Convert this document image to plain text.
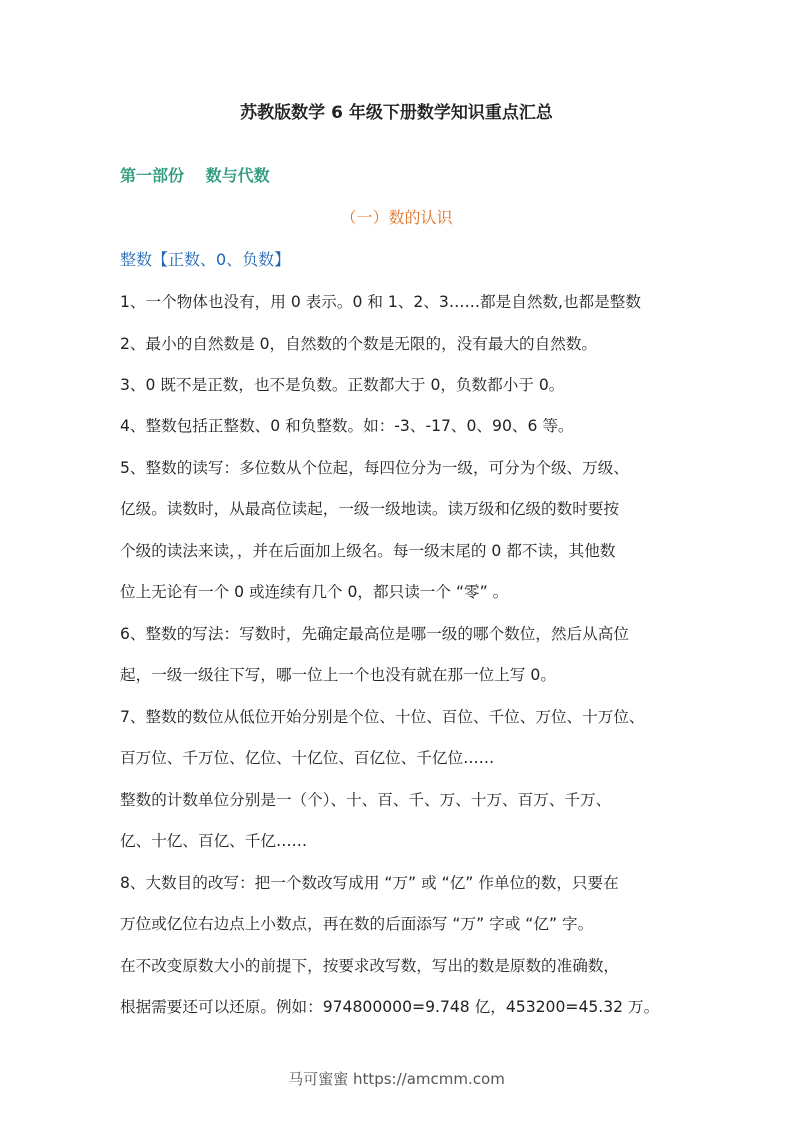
苏教版数学 6 年级下册数学知识重点汇总
第一部份　 数与代数
（一）数的认识
整数【正数、0、负数】
1、一个物体也没有，用 0 表示。0 和 1、2、3……都是自然数,也都是整数
2、最小的自然数是 0，自然数的个数是无限的，没有最大的自然数。
3、0 既不是正数，也不是负数。正数都大于 0，负数都小于 0。
4、整数包括正整数、0 和负整数。如：-3、-17、0、90、6 等。
5、整数的读写：多位数从个位起，每四位分为一级，可分为个级、万级、
亿级。读数时，从最高位读起，一级一级地读。读万级和亿级的数时要按
个级的读法来读，，并在后面加上级名。每一级末尾的 0 都不读，其他数
位上无论有一个 0 或连续有几个 0，都只读一个 “零” 。
6、整数的写法：写数时，先确定最高位是哪一级的哪个数位，然后从高位
起，一级一级往下写，哪一位上一个也没有就在那一位上写 0。
7、整数的数位从低位开始分别是个位、十位、百位、千位、万位、十万位、
百万位、千万位、亿位、十亿位、百亿位、千亿位……
整数的计数单位分别是一（个）、十、百、千、万、十万、百万、千万、
亿、十亿、百亿、千亿……
8、大数目的改写：把一个数改写成用 “万” 或 “亿” 作单位的数，只要在
万位或亿位右边点上小数点，再在数的后面添写 “万” 字或 “亿” 字。
在不改变原数大小的前提下，按要求改写数，写出的数是原数的准确数，
根据需要还可以还原。例如：974800000=9.748 亿，453200=45.32 万。
马可蜜蜜 https://amcmm.com
